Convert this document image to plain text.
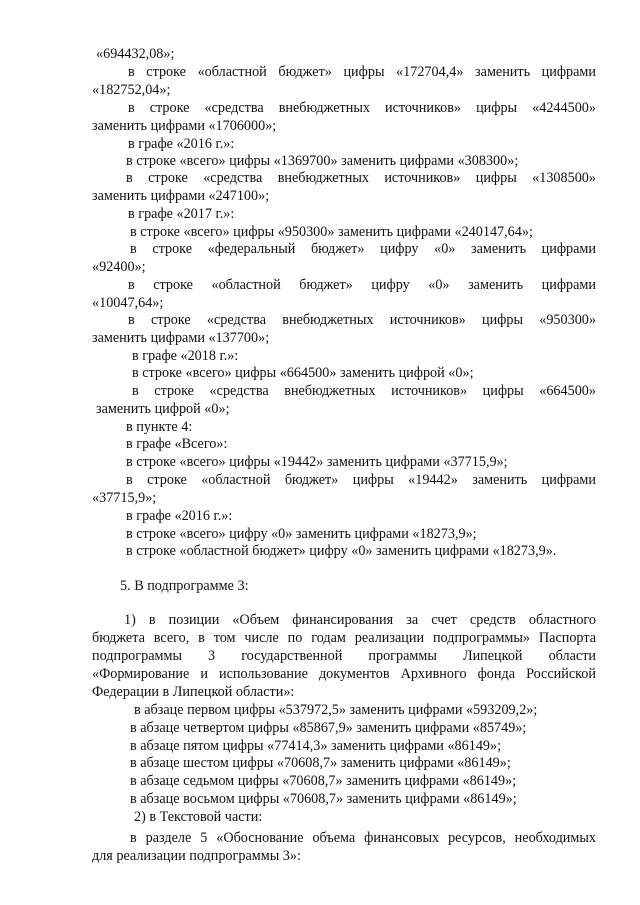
«694432,08»;
в строке «областной бюджет» цифры «172704,4» заменить цифрами
«182752,04»;
в строке «средства внебюджетных источников» цифры «4244500»
заменить цифрами «1706000»;
в графе «2016 г.»:
в строке «всего» цифры «1369700» заменить цифрами «308300»;
в строке «средства внебюджетных источников» цифры «1308500»
заменить цифрами «247100»;
в графе «2017 г.»:
в строке «всего» цифры «950300» заменить цифрами «240147,64»;
в строке «федеральный бюджет» цифру «0» заменить цифрами
«92400»;
в строке «областной бюджет» цифру «0» заменить цифрами
«10047,64»;
в строке «средства внебюджетных источников» цифры «950300»
заменить цифрами «137700»;
в графе «2018 г.»:
в строке «всего» цифры «664500» заменить цифрой «0»;
в строке «средства внебюджетных источников» цифры «664500»
заменить цифрой «0»;
в пункте 4:
в графе «Всего»:
в строке «всего» цифры «19442» заменить цифрами «37715,9»;
в строке «областной бюджет» цифры «19442» заменить цифрами
«37715,9»;
в графе «2016 г.»:
в строке «всего» цифру «0» заменить цифрами «18273,9»;
в строке «областной бюджет» цифру «0» заменить цифрами «18273,9».
5. В подпрограмме 3:
1) в позиции «Объем финансирования за счет средств областного
бюджета всего, в том числе по годам реализации подпрограммы» Паспорта
подпрограммы 3 государственной программы Липецкой области
«Формирование и использование документов Архивного фонда Российской
Федерации в Липецкой области»:
в абзаце первом цифры «537972,5» заменить цифрами «593209,2»;
в абзаце четвертом цифры «85867,9» заменить цифрами «85749»;
в абзаце пятом цифры «77414,3» заменить цифрами «86149»;
в абзаце шестом цифры «70608,7» заменить цифрами «86149»;
в абзаце седьмом цифры «70608,7» заменить цифрами «86149»;
в абзаце восьмом цифры «70608,7» заменить цифрами «86149»;
2) в Текстовой части:
в разделе 5 «Обоснование объема финансовых ресурсов, необходимых
для реализации подпрограммы 3»:
